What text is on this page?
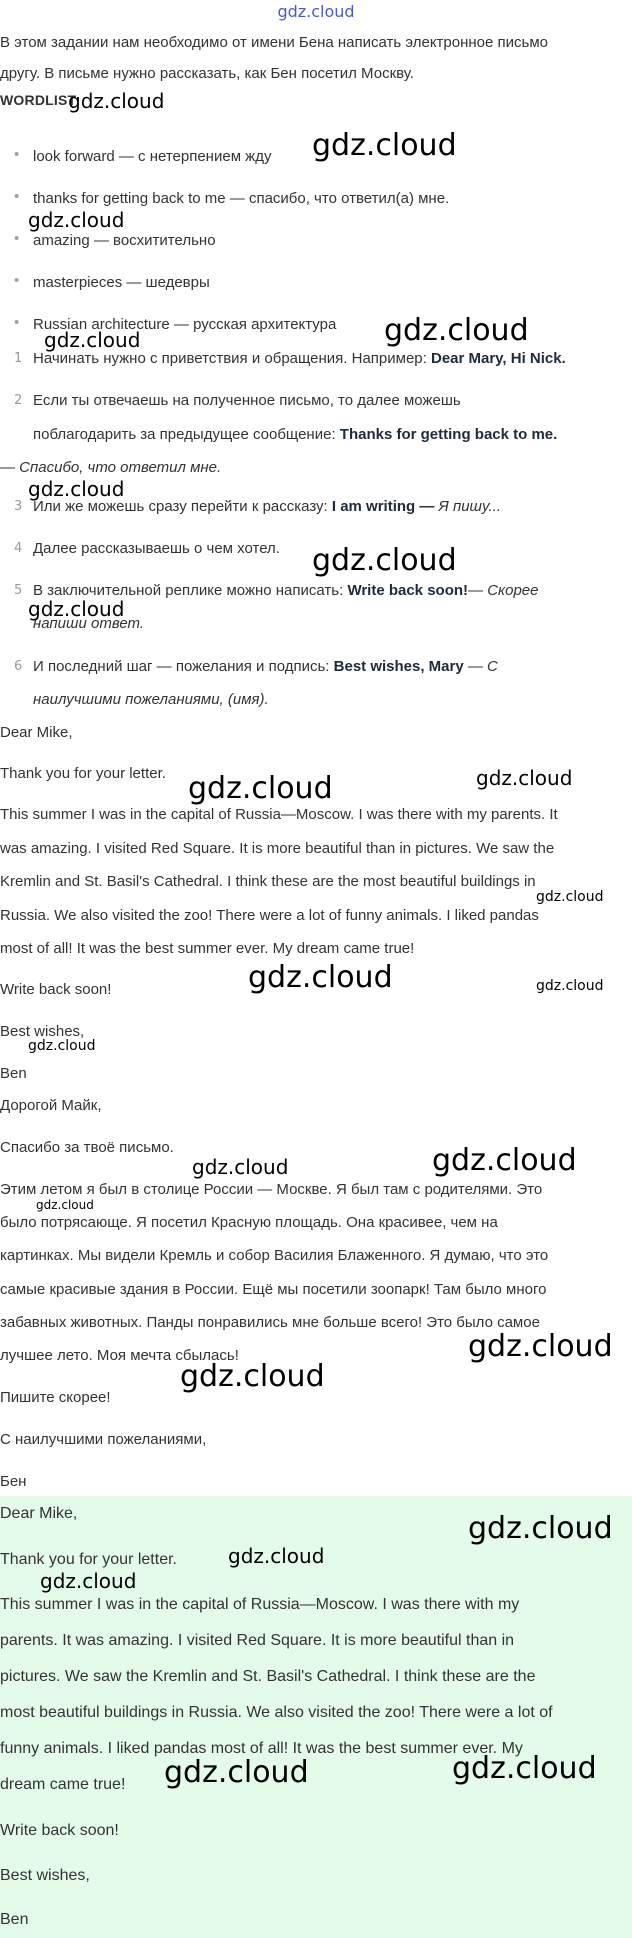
gdz.cloud
В этом задании нам необходимо от имени Бена написать электронное письмо
другу. В письме нужно рассказать, как Бен посетил Москву.
WORDLIST
• look forward — с нетерпением жду
• thanks for getting back to me — спасибо, что ответил(а) мне.
• amazing — восхитительно
• masterpieces — шедевры
• Russian architecture — русская архитектура
1 Начинать нужно с приветствия и обращения. Например: Dear Mary, Hi Nick.
2 Если ты отвечаешь на полученное письмо, то далее можешь
поблагодарить за предыдущее сообщение: Thanks for getting back to me.
— Спасибо, что ответил мне.
3 Или же можешь сразу перейти к рассказу: I am writing — Я пишу...
4 Далее рассказываешь о чем хотел.
5 В заключительной реплике можно написать: Write back soon!— Скорее
напиши ответ.
6 И последний шаг — пожелания и подпись: Best wishes, Mary — С
наилучшими пожеланиями, (имя).
Dear Mike,
Thank you for your letter.
This summer I was in the capital of Russia—Moscow. I was there with my parents. It
was amazing. I visited Red Square. It is more beautiful than in pictures. We saw the
Kremlin and St. Basil's Cathedral. I think these are the most beautiful buildings in
Russia. We also visited the zoo! There were a lot of funny animals. I liked pandas
most of all! It was the best summer ever. My dream came true!
Write back soon!
Best wishes,
Ben
Дорогой Майк,
Спасибо за твоё письмо.
Этим летом я был в столице России — Москве. Я был там с родителями. Это
было потрясающе. Я посетил Красную площадь. Она красивее, чем на
картинках. Мы видели Кремль и собор Василия Блаженного. Я думаю, что это
самые красивые здания в России. Ещё мы посетили зоопарк! Там было много
забавных животных. Панды понравились мне больше всего! Это было самое
лучшее лето. Моя мечта сбылась!
Пишите скорее!
С наилучшими пожеланиями,
Бен
Dear Mike,
Thank you for your letter.
This summer I was in the capital of Russia—Moscow. I was there with my
parents. It was amazing. I visited Red Square. It is more beautiful than in
pictures. We saw the Kremlin and St. Basil's Cathedral. I think these are the
most beautiful buildings in Russia. We also visited the zoo! There were a lot of
funny animals. I liked pandas most of all! It was the best summer ever. My
dream came true!
Write back soon!
Best wishes,
Ben
gdz.cloud
gdz.cloud
gdz.cloud
gdz.cloud
gdz.cloud
gdz.cloud
gdz.cloud
gdz.cloud
gdz.cloud	gdz.cloud
gdz.cloud
gdz.cloud	gdz.cloud
gdz.cloud
gdz.cloud	gdz.cloud
gdz.cloud
gdz.cloud
gdz.cloud
gdz.cloud
gdz.cloud
gdz.cloud
gdz.cloud	gdz.cloud
